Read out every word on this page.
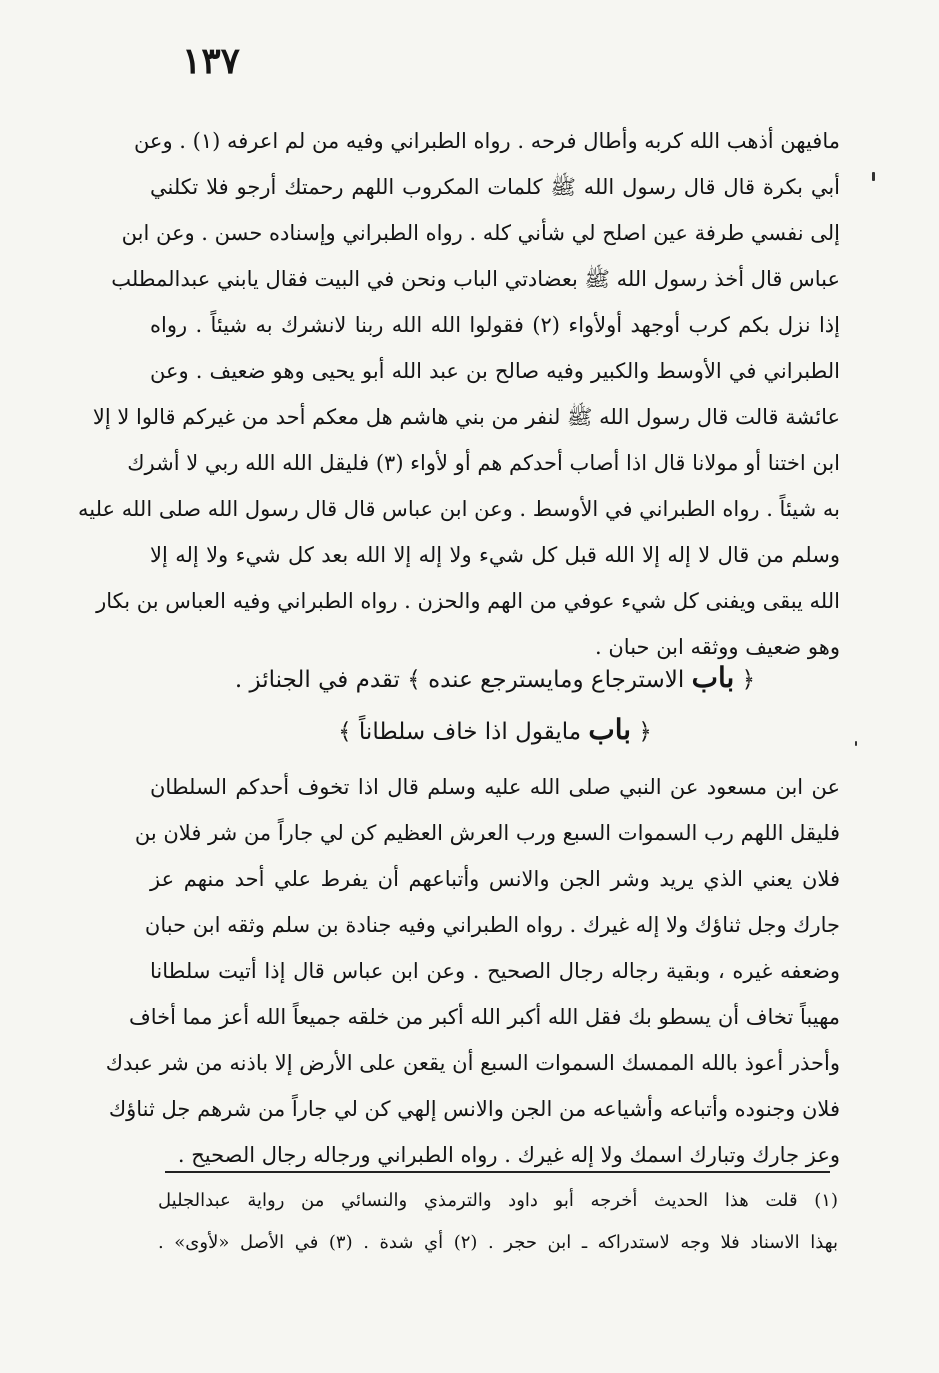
١٣٧
مافيهن أذهب الله كربه وأطال فرحه . رواه الطبراني وفيه من لم اعرفه (١) . وعن
أبي بكرة قال قال رسول الله ﷺ كلمات المكروب اللهم رحمتك أرجو فلا تكلني
إلى نفسي طرفة عين اصلح لي شأني كله . رواه الطبراني وإسناده حسن . وعن ابن
عباس قال أخذ رسول الله ﷺ بعضادتي الباب ونحن في البيت فقال يابني عبدالمطلب
إذا نزل بكم كرب أوجهد أولأواء (٢) فقولوا الله الله ربنا لانشرك به شيئاً . رواه
الطبراني في الأوسط والكبير وفيه صالح بن عبد الله أبو يحيى وهو ضعيف . وعن
عائشة قالت قال رسول الله ﷺ لنفر من بني هاشم هل معكم أحد من غيركم قالوا لا إلا
ابن اختنا أو مولانا قال اذا أصاب أحدكم هم أو لأواء (٣) فليقل الله الله ربي لا أشرك
به شيئاً . رواه الطبراني في الأوسط . وعن ابن عباس قال قال رسول الله صلى الله عليه
وسلم من قال لا إله إلا الله قبل كل شيء ولا إله إلا الله بعد كل شيء ولا إله إلا
الله يبقى ويفنى كل شيء عوفي من الهم والحزن . رواه الطبراني وفيه العباس بن بكار
وهو ضعيف ووثقه ابن حبان .
﴿ باب الاسترجاع ومايسترجع عنده ﴾ تقدم في الجنائز .
﴿ باب مايقول اذا خاف سلطاناً ﴾
عن ابن مسعود عن النبي صلى الله عليه وسلم قال اذا تخوف أحدكم السلطان
فليقل اللهم رب السموات السبع ورب العرش العظيم كن لي جاراً من شر فلان بن
فلان يعني الذي يريد وشر الجن والانس وأتباعهم أن يفرط علي أحد منهم عز
جارك وجل ثناؤك ولا إله غيرك . رواه الطبراني وفيه جنادة بن سلم وثقه ابن حبان
وضعفه غيره ، وبقية رجاله رجال الصحيح . وعن ابن عباس قال إذا أتيت سلطانا
مهيباً تخاف أن يسطو بك فقل الله أكبر الله أكبر من خلقه جميعاً الله أعز مما أخاف
وأحذر أعوذ بالله الممسك السموات السبع أن يقعن على الأرض إلا باذنه من شر عبدك
فلان وجنوده وأتباعه وأشياعه من الجن والانس إلهي كن لي جاراً من شرهم جل ثناؤك
وعز جارك وتبارك اسمك ولا إله غيرك . رواه الطبراني ورجاله رجال الصحيح .
(١) قلت هذا الحديث أخرجه أبو داود والترمذي والنسائي من رواية عبدالجليل
بهذا الاسناد فلا وجه لاستدراكه ـ ابن حجر . (٢) أي شدة . (٣) في الأصل «لأوى» .
